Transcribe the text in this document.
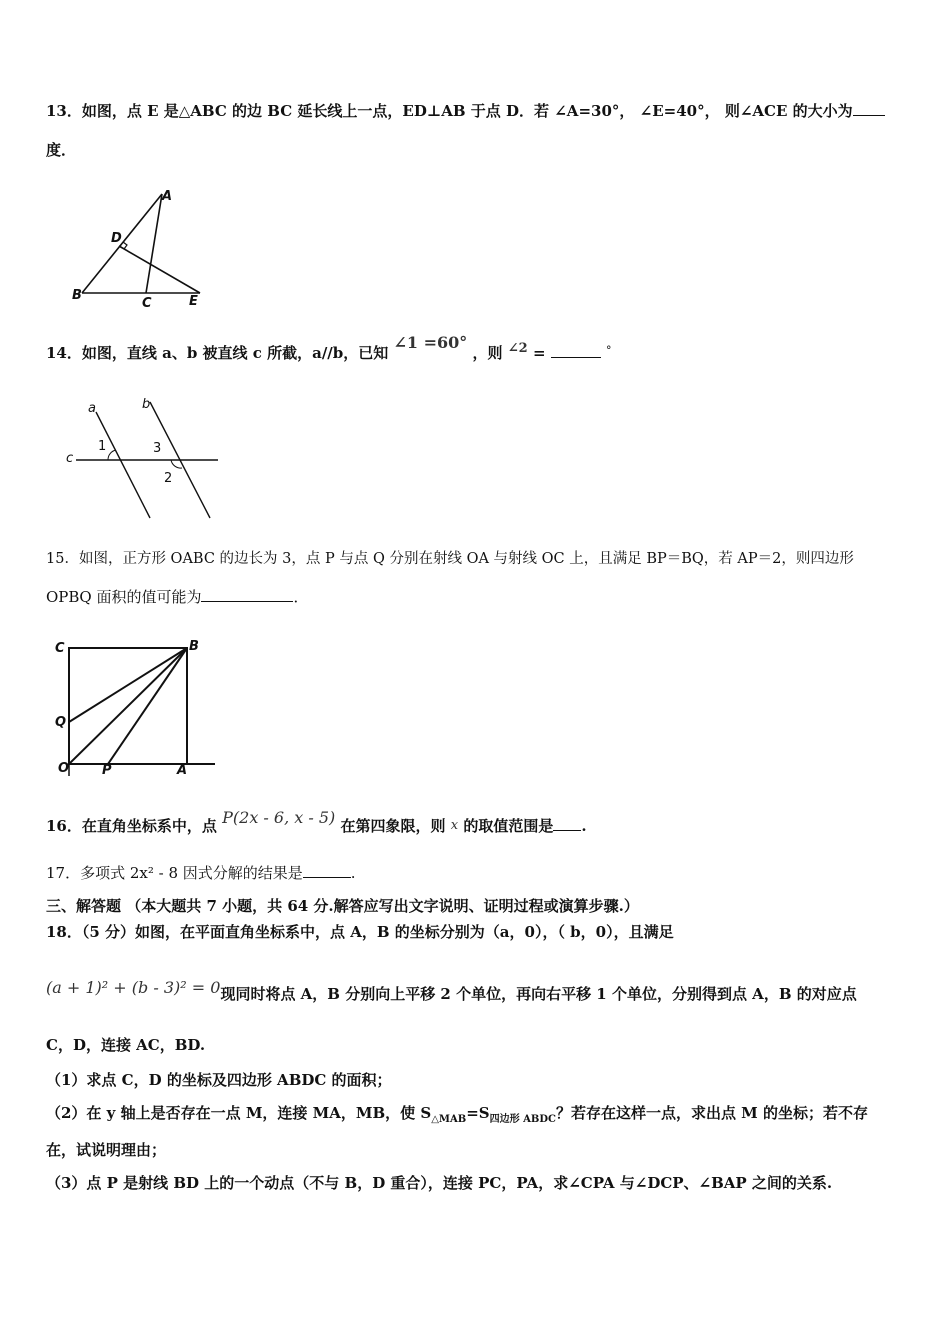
13．如图，点 E 是△ABC 的边 BC 延长线上一点，ED⊥AB 于点 D．若 ∠A=30°， ∠E=40°， 则∠ACE 的大小为
度．
A
D
B
C	E
14．如图，直线 a、b 被直线 c 所截，a//b，已知 ∠1 =60° ，则 ∠2 =	°
a	b
c
1	3
2
15．如图，正方形 OABC 的边长为 3，点 P 与点 Q 分别在射线 OA 与射线 OC 上，且满足 BP＝BQ，若 AP＝2，则四边形
OPBQ 面积的值可能为	．
C	B
Q
O	P	A
16．在直角坐标系中，点 P(2x - 6, x - 5) 在第四象限，则 x 的取值范围是 .
17．多项式 2x² - 8 因式分解的结果是	.
三、解答题 （本大题共 7 小题，共 64 分.解答应写出文字说明、证明过程或演算步骤.）
18．（5 分）如图，在平面直角坐标系中，点 A，B 的坐标分别为（a，0），（ b，0），且满足
(a + 1)² + (b - 3)² = 0现同时将点 A，B 分别向上平移 2 个单位，再向右平移 1 个单位，分别得到点 A，B 的对应点
C，D，连接 AC，BD.
（1）求点 C，D 的坐标及四边形 ABDC 的面积；
（2）在 y 轴上是否存在一点 M，连接 MA，MB，使 $S_{\triangle MAB}=S_{四边形 ABDC}$？若存在这样一点，求出点 M 的坐标；若不存
在，试说明理由；
（3）点 P 是射线 BD 上的一个动点（不与 B，D 重合），连接 PC，PA，求∠CPA 与∠DCP、∠BAP 之间的关系.
